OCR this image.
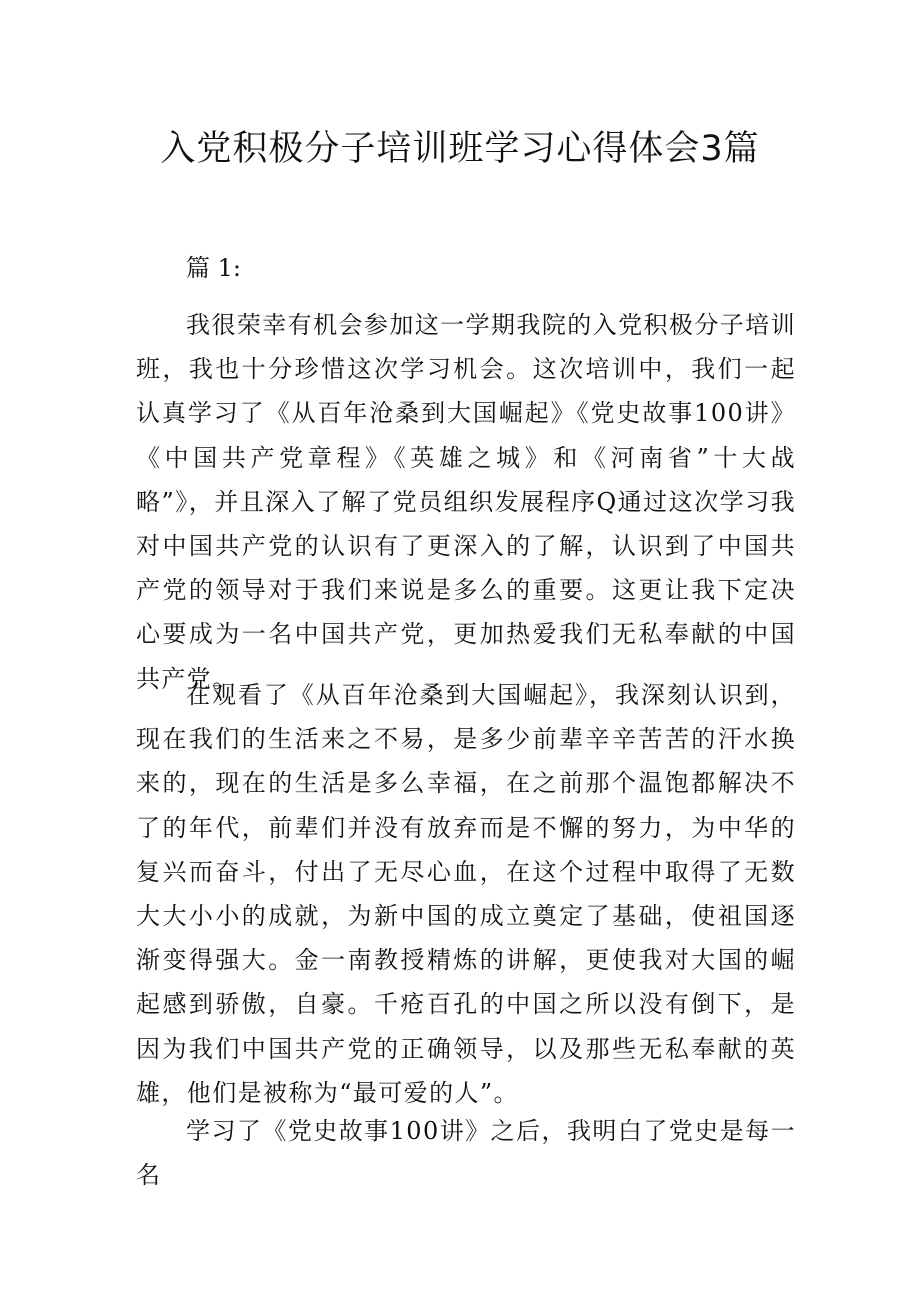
入党积极分子培训班学习心得体会3篇

篇 1:

我很荣幸有机会参加这一学期我院的入党积极分子培训班，我也十分珍惜这次学习机会。这次培训中，我们一起认真学习了《从百年沧桑到大国崛起》《党史故事100讲》《中国共产党章程》《英雄之城》和《河南省”十大战略”》，并且深入了解了党员组织发展程序Q通过这次学习我对中国共产党的认识有了更深入的了解，认识到了中国共产党的领导对于我们来说是多么的重要。这更让我下定决心要成为一名中国共产党，更加热爱我们无私奉献的中国共产党。

在观看了《从百年沧桑到大国崛起》，我深刻认识到，现在我们的生活来之不易，是多少前辈辛辛苦苦的汗水换来的，现在的生活是多么幸福，在之前那个温饱都解决不了的年代，前辈们并没有放弃而是不懈的努力，为中华的复兴而奋斗，付出了无尽心血，在这个过程中取得了无数大大小小的成就，为新中国的成立奠定了基础，使祖国逐渐变得强大。金一南教授精炼的讲解，更使我对大国的崛起感到骄傲，自豪。千疮百孔的中国之所以没有倒下，是因为我们中国共产党的正确领导，以及那些无私奉献的英雄，他们是被称为“最可爱的人”。

学习了《党史故事100讲》之后，我明白了党史是每一名
